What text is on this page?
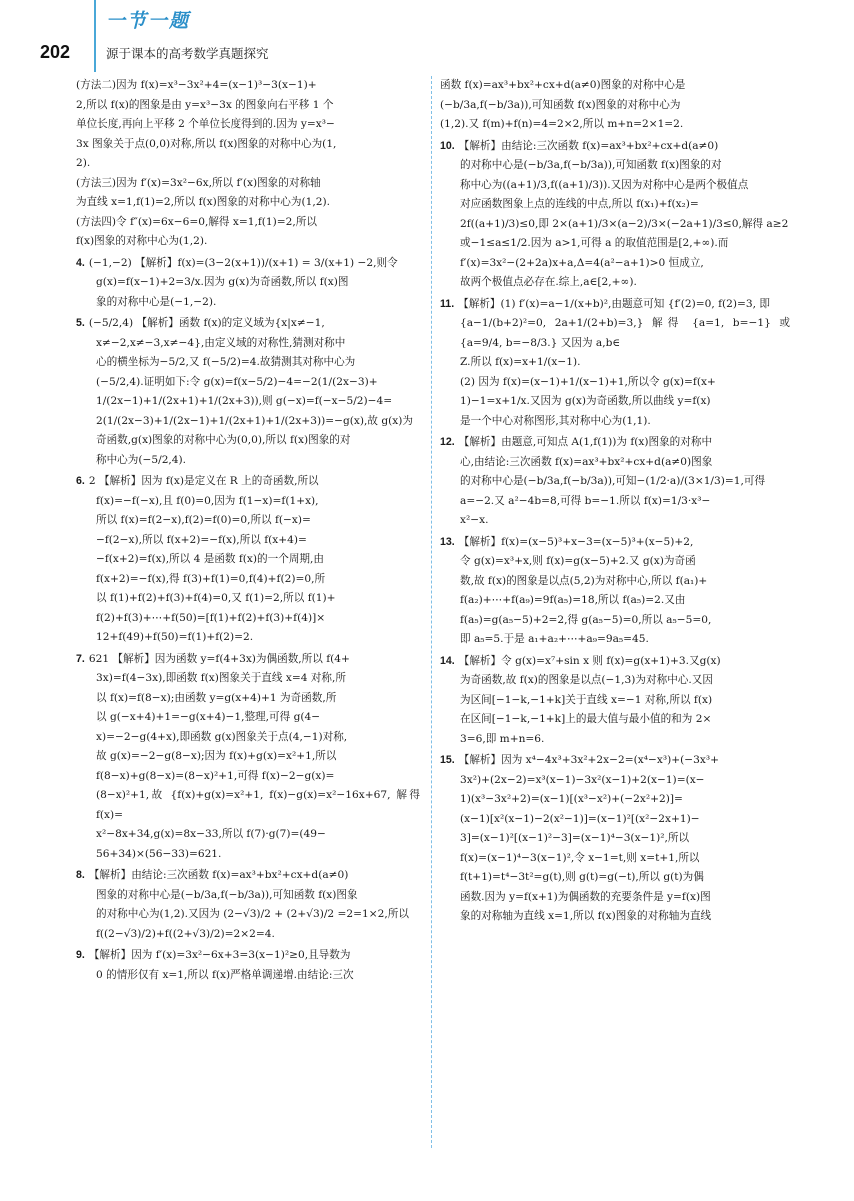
202
一节一题
源于课本的高考数学真题探究

(方法二)因为 f(x)=x³−3x²+4=(x−1)³−3(x−1)+

2,所以 f(x)的图象是由 y=x³−3x 的图象向右平移 1 个

单位长度,再向上平移 2 个单位长度得到的.因为 y=x³−

3x 图象关于点(0,0)对称,所以 f(x)图象的对称中心为(1,

2).

(方法三)因为 f′(x)=3x²−6x,所以 f′(x)图象的对称轴

为直线 x=1,f(1)=2,所以 f(x)图象的对称中心为(1,2).

(方法四)令 f″(x)=6x−6=0,解得 x=1,f(1)=2,所以

f(x)图象的对称中心为(1,2).

4. (−1,−2) 【解析】f(x)=(3−2(x+1))/(x+1) = 3/(x+1) −2,则令

g(x)=f(x−1)+2=3/x.因为 g(x)为奇函数,所以 f(x)图

象的对称中心是(−1,−2).

5. (−5/2,4) 【解析】函数 f(x)的定义域为{x|x≠−1,

x≠−2,x≠−3,x≠−4},由定义域的对称性,猜测对称中

心的横坐标为−5/2,又 f(−5/2)=4.故猜测其对称中心为

(−5/2,4).证明如下:令 g(x)=f(x−5/2)−4=−2(1/(2x−3)+

1/(2x−1)+1/(2x+1)+1/(2x+3)),则 g(−x)=f(−x−5/2)−4=

2(1/(2x−3)+1/(2x−1)+1/(2x+1)+1/(2x+3))=−g(x),故 g(x)为

奇函数,g(x)图象的对称中心为(0,0),所以 f(x)图象的对

称中心为(−5/2,4).

6. 2 【解析】因为 f(x)是定义在 R 上的奇函数,所以

f(x)=−f(−x),且 f(0)=0,因为 f(1−x)=f(1+x),

所以 f(x)=f(2−x),f(2)=f(0)=0,所以 f(−x)=

−f(2−x),所以 f(x+2)=−f(x),所以 f(x+4)=

−f(x+2)=f(x),所以 4 是函数 f(x)的一个周期,由

f(x+2)=−f(x),得 f(3)+f(1)=0,f(4)+f(2)=0,所

以 f(1)+f(2)+f(3)+f(4)=0,又 f(1)=2,所以 f(1)+

f(2)+f(3)+⋯+f(50)=[f(1)+f(2)+f(3)+f(4)]×

12+f(49)+f(50)=f(1)+f(2)=2.

7. 621 【解析】因为函数 y=f(4+3x)为偶函数,所以 f(4+

3x)=f(4−3x),即函数 f(x)图象关于直线 x=4 对称,所

以 f(x)=f(8−x);由函数 y=g(x+4)+1 为奇函数,所

以 g(−x+4)+1=−g(x+4)−1,整理,可得 g(4−

x)=−2−g(4+x),即函数 g(x)图象关于点(4,−1)对称,

故 g(x)=−2−g(8−x);因为 f(x)+g(x)=x²+1,所以

f(8−x)+g(8−x)=(8−x)²+1,可得 f(x)−2−g(x)=

(8−x)²+1,故 {f(x)+g(x)=x²+1, f(x)−g(x)=x²−16x+67, 解得 f(x)=

x²−8x+34,g(x)=8x−33,所以 f(7)·g(7)=(49−

56+34)×(56−33)=621.

8. 【解析】由结论:三次函数 f(x)=ax³+bx²+cx+d(a≠0)

图象的对称中心是(−b/3a,f(−b/3a)),可知函数 f(x)图象

的对称中心为(1,2).又因为 (2−√3)/2 + (2+√3)/2 =2=1×2,所以

f((2−√3)/2)+f((2+√3)/2)=2×2=4.

9. 【解析】因为 f′(x)=3x²−6x+3=3(x−1)²≥0,且导数为

0 的情形仅有 x=1,所以 f(x)严格单调递增.由结论:三次

函数 f(x)=ax³+bx²+cx+d(a≠0)图象的对称中心是

(−b/3a,f(−b/3a)),可知函数 f(x)图象的对称中心为

(1,2).又 f(m)+f(n)=4=2×2,所以 m+n=2×1=2.

10. 【解析】由结论:三次函数 f(x)=ax³+bx²+cx+d(a≠0)

的对称中心是(−b/3a,f(−b/3a)),可知函数 f(x)图象的对

称中心为((a+1)/3,f((a+1)/3)).又因为对称中心是两个极值点

对应函数图象上点的连线的中点,所以 f(x₁)+f(x₂)=

2f((a+1)/3)≤0,即 2×(a+1)/3×(a−2)/3×(−2a+1)/3≤0,解得 a≥2

或−1≤a≤1/2.因为 a>1,可得 a 的取值范围是[2,+∞).而

f′(x)=3x²−(2+2a)x+a,Δ=4(a²−a+1)>0 恒成立,

故两个极值点必存在.综上,a∈[2,+∞).

11. 【解析】(1) f′(x)=a−1/(x+b)²,由题意可知 {f′(2)=0, f(2)=3, 即

{a−1/(b+2)²=0, 2a+1/(2+b)=3,} 解得 {a=1, b=−1} 或 {a=9/4, b=−8/3.} 又因为 a,b∈

Z.所以 f(x)=x+1/(x−1).

(2) 因为 f(x)=(x−1)+1/(x−1)+1,所以令 g(x)=f(x+

1)−1=x+1/x.又因为 g(x)为奇函数,所以曲线 y=f(x)

是一个中心对称图形,其对称中心为(1,1).

12. 【解析】由题意,可知点 A(1,f(1))为 f(x)图象的对称中

心,由结论:三次函数 f(x)=ax³+bx²+cx+d(a≠0)图象

的对称中心是(−b/3a,f(−b/3a)),可知−(1/2·a)/(3×1/3)=1,可得

a=−2.又 a²−4b=8,可得 b=−1.所以 f(x)=1/3·x³−

x²−x.

13. 【解析】f(x)=(x−5)³+x−3=(x−5)³+(x−5)+2,

令 g(x)=x³+x,则 f(x)=g(x−5)+2.又 g(x)为奇函

数,故 f(x)的图象是以点(5,2)为对称中心,所以 f(a₁)+

f(a₂)+⋯+f(a₉)=9f(a₅)=18,所以 f(a₅)=2.又由

f(a₅)=g(a₅−5)+2=2,得 g(a₅−5)=0,所以 a₅−5=0,

即 a₅=5.于是 a₁+a₂+⋯+a₉=9a₅=45.

14. 【解析】令 g(x)=x⁷+sin x 则 f(x)=g(x+1)+3.又g(x)

为奇函数,故 f(x)的图象是以点(−1,3)为对称中心.又因

为区间[−1−k,−1+k]关于直线 x=−1 对称,所以 f(x)

在区间[−1−k,−1+k]上的最大值与最小值的和为 2×

3=6,即 m+n=6.

15. 【解析】因为 x⁴−4x³+3x²+2x−2=(x⁴−x³)+(−3x³+

3x²)+(2x−2)=x³(x−1)−3x²(x−1)+2(x−1)=(x−

1)(x³−3x²+2)=(x−1)[(x³−x²)+(−2x²+2)]=

(x−1)[x²(x−1)−2(x²−1)]=(x−1)²[(x²−2x+1)−

3]=(x−1)²[(x−1)²−3]=(x−1)⁴−3(x−1)²,所以

f(x)=(x−1)⁴−3(x−1)²,令 x−1=t,则 x=t+1,所以

f(t+1)=t⁴−3t²=g(t),则 g(t)=g(−t),所以 g(t)为偶

函数.因为 y=f(x+1)为偶函数的充要条件是 y=f(x)图

象的对称轴为直线 x=1,所以 f(x)图象的对称轴为直线
